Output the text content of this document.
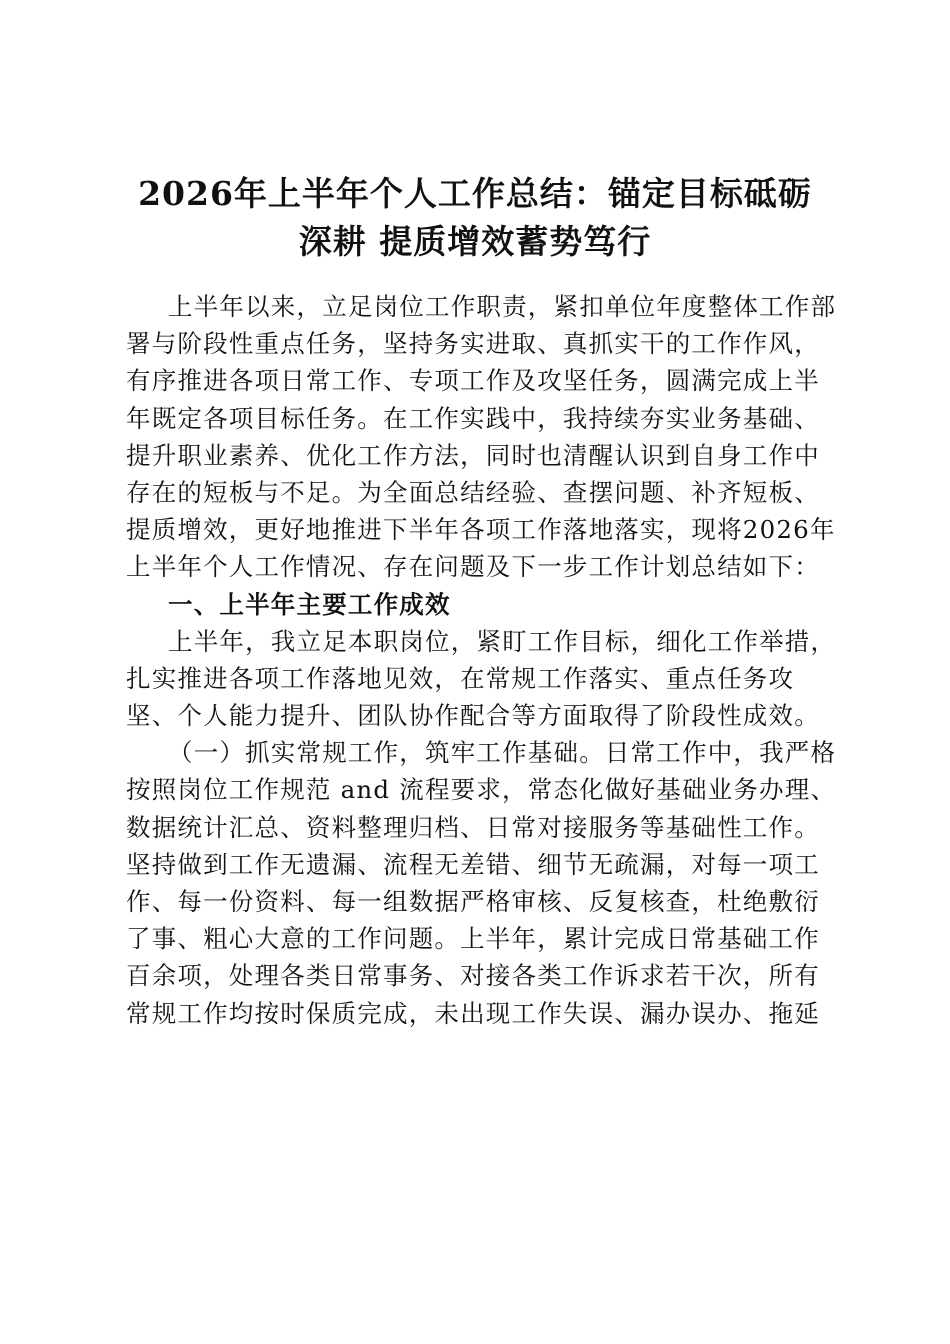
2026年上半年个人工作总结：锚定目标砥砺
深耕 提质增效蓄势笃行
上半年以来，立足岗位工作职责，紧扣单位年度整体工作部
署与阶段性重点任务，坚持务实进取、真抓实干的工作作风，
有序推进各项日常工作、专项工作及攻坚任务，圆满完成上半
年既定各项目标任务。在工作实践中，我持续夯实业务基础、
提升职业素养、优化工作方法，同时也清醒认识到自身工作中
存在的短板与不足。为全面总结经验、查摆问题、补齐短板、
提质增效，更好地推进下半年各项工作落地落实，现将2026年
上半年个人工作情况、存在问题及下一步工作计划总结如下：
一、上半年主要工作成效
上半年，我立足本职岗位，紧盯工作目标，细化工作举措，
扎实推进各项工作落地见效，在常规工作落实、重点任务攻
坚、个人能力提升、团队协作配合等方面取得了阶段性成效。
（一）抓实常规工作，筑牢工作基础。日常工作中，我严格
按照岗位工作规范 and 流程要求，常态化做好基础业务办理、
数据统计汇总、资料整理归档、日常对接服务等基础性工作。
坚持做到工作无遗漏、流程无差错、细节无疏漏，对每一项工
作、每一份资料、每一组数据严格审核、反复核查，杜绝敷衍
了事、粗心大意的工作问题。上半年，累计完成日常基础工作
百余项，处理各类日常事务、对接各类工作诉求若干次，所有
常规工作均按时保质完成，未出现工作失误、漏办误办、拖延
